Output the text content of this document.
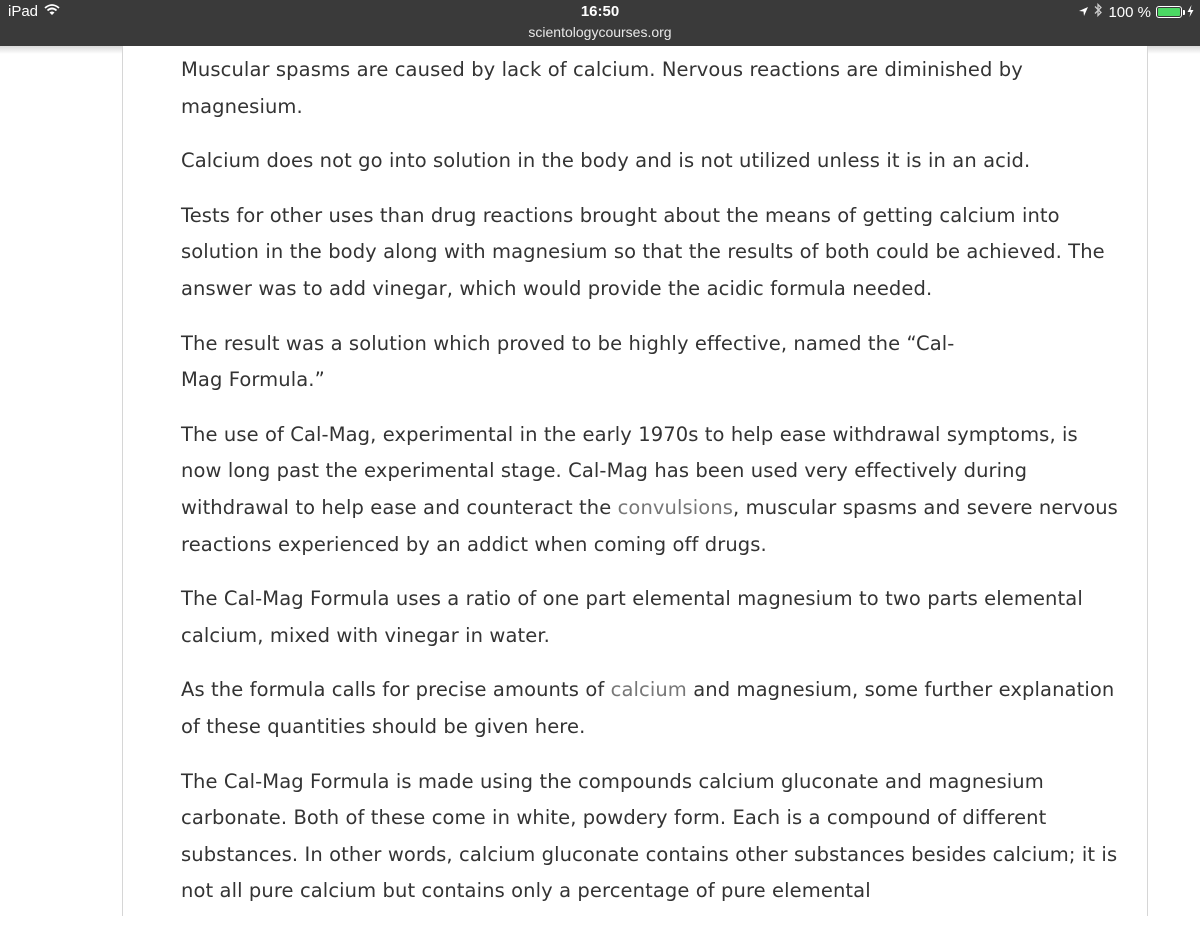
iPad	16:50
scientologycourses.org
100 %

Muscular spasms are caused by lack of calcium. Nervous reactions are diminished by magnesium.

Calcium does not go into solution in the body and is not utilized unless it is in an acid.

Tests for other uses than drug reactions brought about the means of getting calcium into solution in the body along with magnesium so that the results of both could be achieved. The answer was to add vinegar, which would provide the acidic formula needed.

The result was a solution which proved to be highly effective, named the “Cal-
Mag Formula.”

The use of Cal-Mag, experimental in the early 1970s to help ease withdrawal symptoms, is now long past the experimental stage. Cal-Mag has been used very effectively during withdrawal to help ease and counteract the convulsions, muscular spasms and severe nervous reactions experienced by an addict when coming off drugs.

The Cal-Mag Formula uses a ratio of one part elemental magnesium to two parts elemental calcium, mixed with vinegar in water.

As the formula calls for precise amounts of calcium and magnesium, some further explanation of these quantities should be given here.

The Cal-Mag Formula is made using the compounds calcium gluconate and magnesium carbonate. Both of these come in white, powdery form. Each is a compound of different substances. In other words, calcium gluconate contains other substances besides calcium; it is not all pure calcium but contains only a percentage of pure elemental
